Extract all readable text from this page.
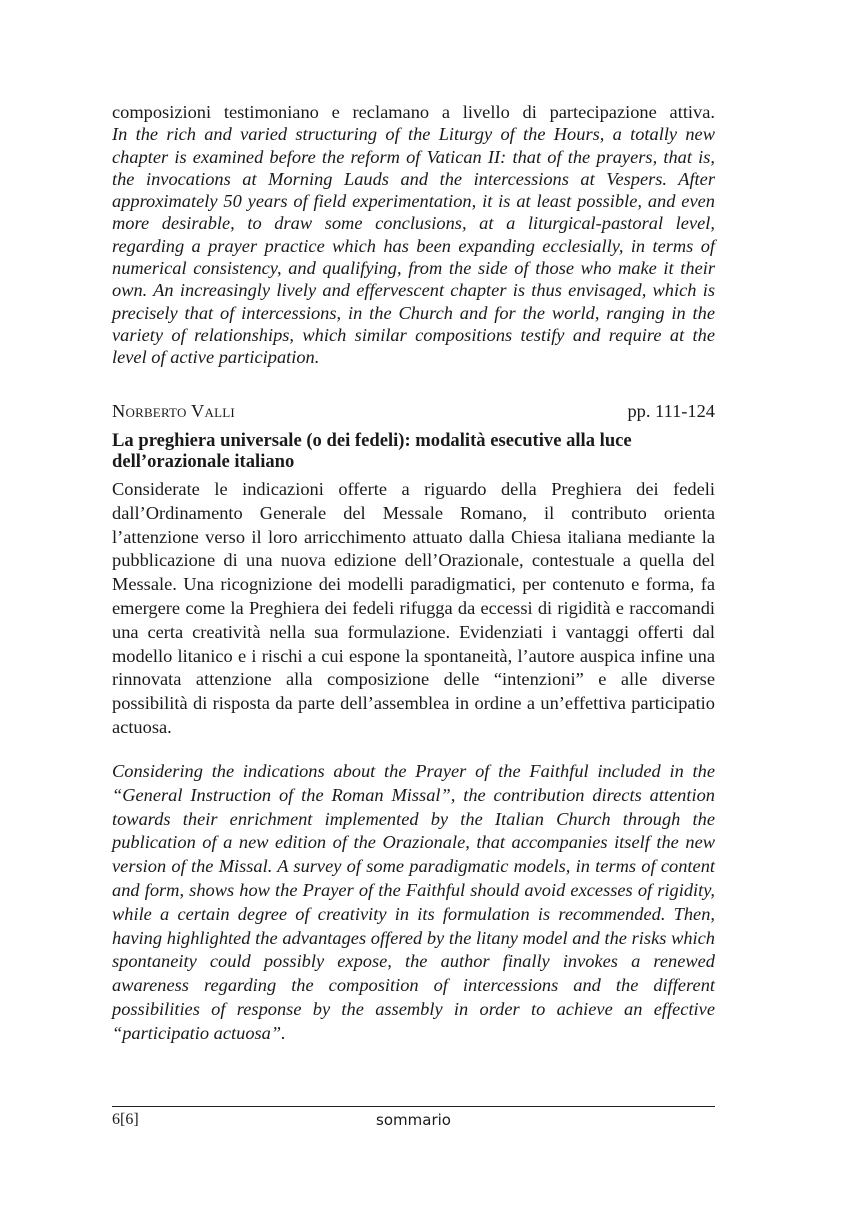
composizioni testimoniano e reclamano a livello di partecipazione attiva.
In the rich and varied structuring of the Liturgy of the Hours, a totally new chapter is examined before the reform of Vatican II: that of the prayers, that is, the invocations at Morning Lauds and the intercessions at Vespers. After approximately 50 years of field experimentation, it is at least possible, and even more desirable, to draw some conclusions, at a liturgical-pastoral level, regarding a prayer practice which has been expanding ecclesially, in terms of numerical consistency, and qualifying, from the side of those who make it their own. An increasingly lively and effervescent chapter is thus envisaged, which is precisely that of intercessions, in the Church and for the world, ranging in the variety of relationships, which similar compositions testify and require at the level of active participation.
Norberto Valli	pp. 111-124
La preghiera universale (o dei fedeli): modalità esecutive alla luce dell’orazionale italiano
Considerate le indicazioni offerte a riguardo della Preghiera dei fedeli dall’Ordinamento Generale del Messale Romano, il contributo orienta l’attenzione verso il loro arricchimento attuato dalla Chiesa italiana mediante la pubblicazione di una nuova edizione dell’Orazionale, contestuale a quella del Messale. Una ricognizione dei modelli paradigmatici, per contenuto e forma, fa emergere come la Preghiera dei fedeli rifugga da eccessi di rigidità e raccomandi una certa creatività nella sua formulazione. Evidenziati i vantaggi offerti dal modello litanico e i rischi a cui espone la spontaneità, l’autore auspica infine una rinnovata attenzione alla composizione delle “intenzioni” e alle diverse possibilità di risposta da parte dell’assemblea in ordine a un’effettiva participatio actuosa.
Considering the indications about the Prayer of the Faithful included in the “General Instruction of the Roman Missal”, the contribution directs attention towards their enrichment implemented by the Italian Church through the publication of a new edition of the Orazionale, that accompanies itself the new version of the Missal. A survey of some paradigmatic models, in terms of content and form, shows how the Prayer of the Faithful should avoid excesses of rigidity, while a certain degree of creativity in its formulation is recommended. Then, having highlighted the advantages offered by the litany model and the risks which spontaneity could possibly expose, the author finally invokes a renewed awareness regarding the composition of intercessions and the different possibilities of response by the assembly in order to achieve an effective “participatio actuosa”.
6[6]	sommario
